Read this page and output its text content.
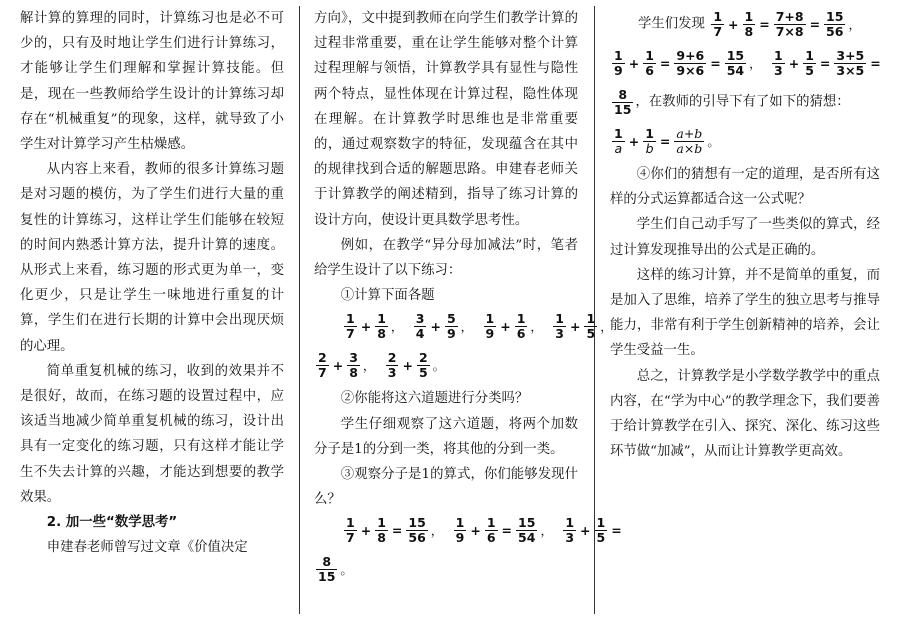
解计算的算理的同时，计算练习也是必不可少的，只有及时地让学生们进行计算练习，才能够让学生们理解和掌握计算技能。但是，现在一些教师给学生设计的计算练习却存在“机械重复”的现象，这样，就导致了小学生对计算学习产生枯燥感。

从内容上来看，教师的很多计算练习题是对习题的模仿，为了学生们进行大量的重复性的计算练习，这样让学生们能够在较短的时间内熟悉计算方法，提升计算的速度。从形式上来看，练习题的形式更为单一，变化更少，只是让学生一味地进行重复的计算，学生们在进行长期的计算中会出现厌烦的心理。

简单重复机械的练习，收到的效果并不是很好，故而，在练习题的设置过程中，应该适当地减少简单重复机械的练习，设计出具有一定变化的练习题，只有这样才能让学生不失去计算的兴趣，才能达到想要的教学效果。

2. 加一些“数学思考”

申建春老师曾写过文章《价值决定

方向》，文中提到教师在向学生们教学计算的过程非常重要，重在让学生能够对整个计算过程理解与领悟，计算教学具有显性与隐性两个特点，显性体现在计算过程，隐性体现在理解。在计算教学时思维也是非常重要的，通过观察数字的特征，发现蕴含在其中的规律找到合适的解题思路。申建春老师关于计算教学的阐述精到，指导了练习计算的设计方向，使设计更具数学思考性。

例如，在教学“异分母加减法”时，笔者给学生设计了以下练习：

①计算下面各题

$\frac{1}{7} + \frac{1}{8}$ ， $\frac{3}{4} + \frac{5}{9}$ ， $\frac{1}{9} + \frac{1}{6}$ ， $\frac{1}{3} + \frac{1}{5}$ ，
$\frac{2}{7} + \frac{3}{8}$ ， $\frac{2}{3} + \frac{2}{5}$ 。

②你能将这六道题进行分类吗？

学生仔细观察了这六道题，将两个加数分子是1的分到一类，将其他的分到一类。

③观察分子是1的算式，你们能够发现什么？

$\frac{1}{7} + \frac{1}{8} = \frac{15}{56}$ ， $\frac{1}{9} + \frac{1}{6} = \frac{15}{54}$ ， $\frac{1}{3} + \frac{1}{5}$ =
$\frac{8}{15}$ 。
学生们发现 $\frac{1}{7} + \frac{1}{8} = \frac{7+8}{7\times 8} = \frac{15}{56}$ ，
$\frac{1}{9} + \frac{1}{6} = \frac{9+6}{9\times 6} = \frac{15}{54}$ ， $\frac{1}{3} + \frac{1}{5} = \frac{3+5}{3\times 5}$ =
$\frac{8}{15}$ ，在教师的引导下有了如下的猜想：
$\frac{1}{a} + \frac{1}{b} = \frac{a+b}{a\times b}$ 。

④你们的猜想有一定的道理，是否所有这样的分式运算都适合这一公式呢？

学生们自己动手写了一些类似的算式，经过计算发现推导出的公式是正确的。

这样的练习计算，并不是简单的重复，而是加入了思维，培养了学生的独立思考与推导能力，非常有利于学生创新精神的培养，会让学生受益一生。

总之，计算教学是小学数学教学中的重点内容，在“学为中心”的教学理念下，我们要善于给计算教学在引入、探究、深化、练习这些环节做“加减”，从而让计算教学更高效。
